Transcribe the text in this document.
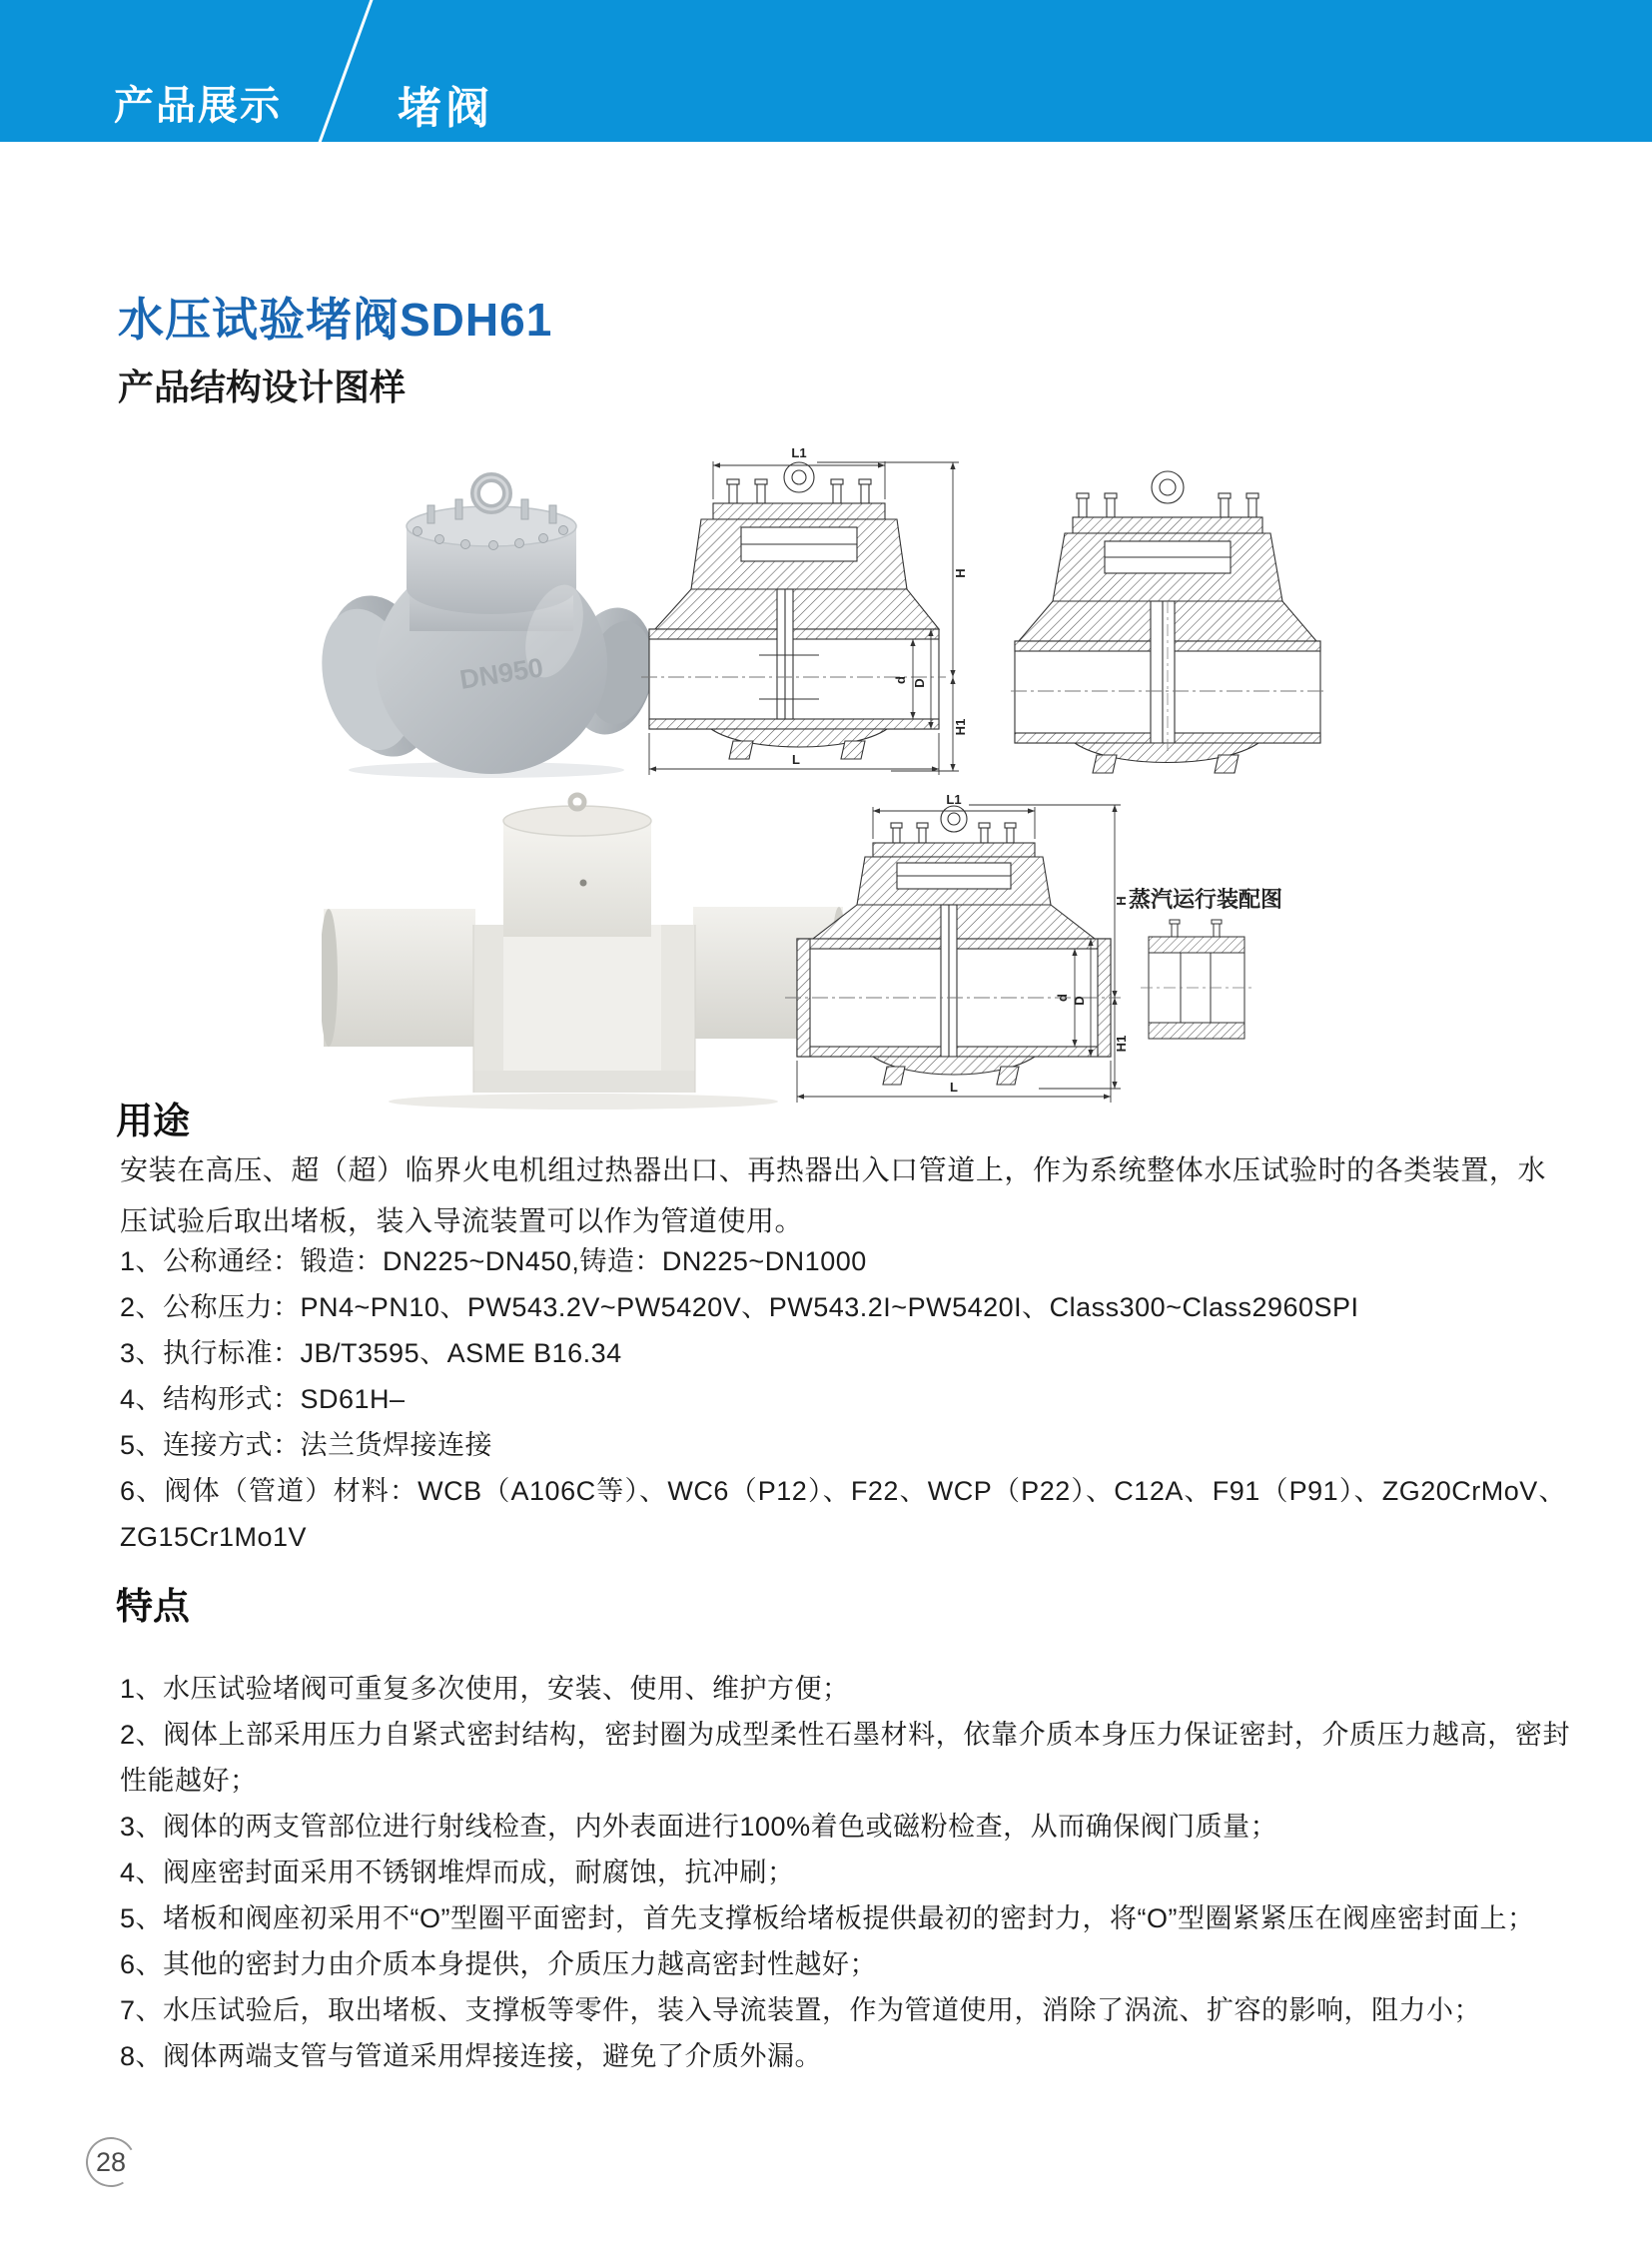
产品展示	堵阀
水压试验堵阀SDH61
产品结构设计图样
DN950
L1
H
H1
d D
L
L1
H
H1
d D
L
蒸汽运行装配图
用途
安装在高压、超（超）临界火电机组过热器出口、再热器出入口管道上，作为系统整体水压试验时的各类装置，水压试验后取出堵板，装入导流装置可以作为管道使用。
1、公称通经：锻造：DN225~DN450,铸造：DN225~DN1000
2、公称压力：PN4~PN10、PW543.2V~PW5420V、PW543.2I~PW5420I、Class300~Class2960SPI
3、执行标准：JB/T3595、ASME B16.34
4、结构形式：SD61H–
5、连接方式：法兰货焊接连接
6、阀体（管道）材料：WCB（A106C等）、WC6（P12）、F22、WCP（P22）、C12A、F91（P91）、ZG20CrMoV、ZG15Cr1Mo1V
特点
1、水压试验堵阀可重复多次使用，安装、使用、维护方便；
2、阀体上部采用压力自紧式密封结构，密封圈为成型柔性石墨材料，依靠介质本身压力保证密封，介质压力越高，密封性能越好；
3、阀体的两支管部位进行射线检查，内外表面进行100%着色或磁粉检查，从而确保阀门质量；
4、阀座密封面采用不锈钢堆焊而成，耐腐蚀，抗冲刷；
5、堵板和阀座初采用不“O”型圈平面密封，首先支撑板给堵板提供最初的密封力，将“O”型圈紧紧压在阀座密封面上；
6、其他的密封力由介质本身提供，介质压力越高密封性越好；
7、水压试验后，取出堵板、支撑板等零件，装入导流装置，作为管道使用，消除了涡流、扩容的影响，阻力小；
8、阀体两端支管与管道采用焊接连接，避免了介质外漏。
28
